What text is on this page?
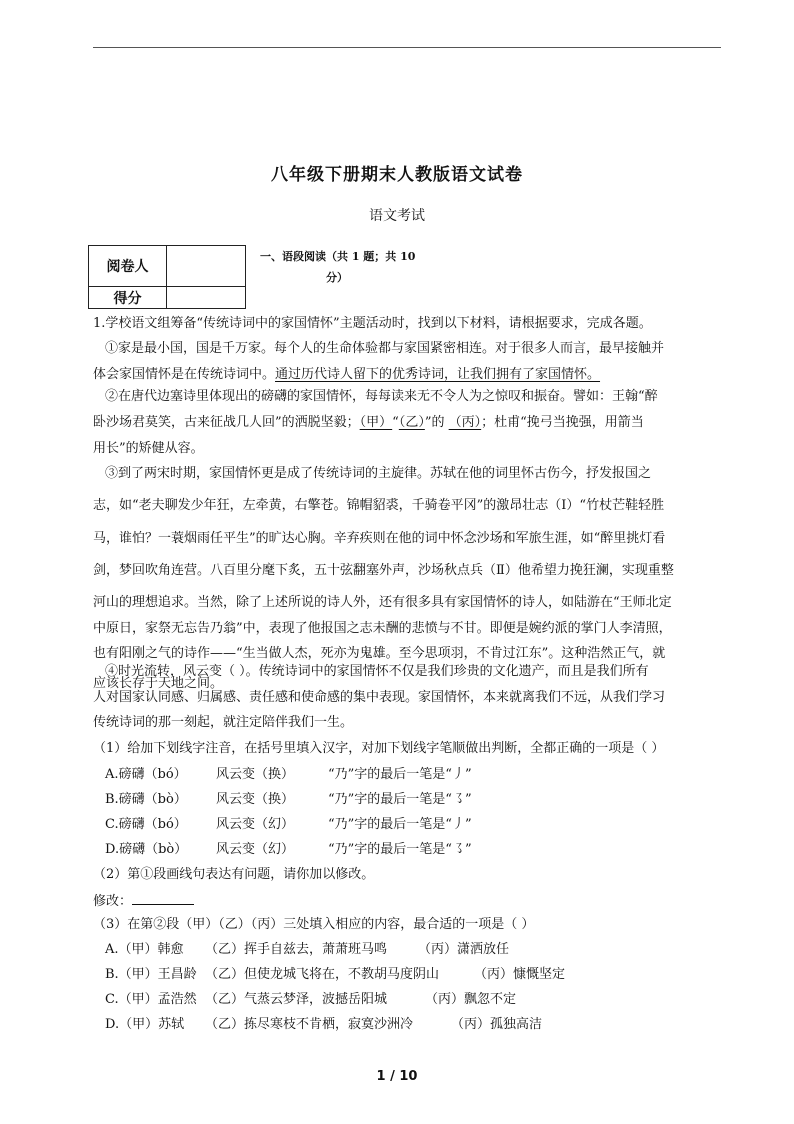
八年级下册期末人教版语文试卷
语文考试
阅卷人	
得分	
一、语段阅读（共 1 题；共 10
分）
1.学校语文组筹备“传统诗词中的家国情怀”主题活动时，找到以下材料，请根据要求，完成各题。
①家是最小国，国是千万家。每个人的生命体验都与家国紧密相连。对于很多人而言，最早接触并
体会家国情怀是在传统诗词中。通过历代诗人留下的优秀诗词，让我们拥有了家国情怀。
②在唐代边塞诗里体现出的磅礴的家国情怀，每每读来无不令人为之惊叹和振奋。譬如：王翰“醉
卧沙场君莫笑，古来征战几人回”的洒脱坚毅；（甲）“（乙）”的 （丙）；杜甫“挽弓当挽强，用箭当
用长”的矫健从容。
③到了两宋时期，家国情怀更是成了传统诗词的主旋律。苏轼在他的词里怀古伤今，抒发报国之
志，如“老夫聊发少年狂，左牵黄，右擎苍。锦帽貂裘，千骑卷平冈”的激昂壮志（Ⅰ）“竹杖芒鞋轻胜
马，谁怕？一蓑烟雨任平生”的旷达心胸。辛弃疾则在他的词中怀念沙场和军旅生涯，如“醉里挑灯看
剑，梦回吹角连营。八百里分麾下炙，五十弦翻塞外声，沙场秋点兵（Ⅱ）他希望力挽狂澜，实现重整
河山的理想追求。当然，除了上述所说的诗人外，还有很多具有家国情怀的诗人，如陆游在“王师北定
中原日，家祭无忘告乃翁”中，表现了他报国之志未酬的悲愤与不甘。即便是婉约派的掌门人李清照，
也有阳刚之气的诗作——“生当做人杰，死亦为鬼雄。至今思项羽，不肯过江东”。这种浩然正气，就
应该长存于天地之间。
④时光流转，风云变（ ）。传统诗词中的家国情怀不仅是我们珍贵的文化遗产，而且是我们所有
人对国家认同感、归属感、责任感和使命感的集中表现。家国情怀，本来就离我们不远，从我们学习
传统诗词的那一刻起，就注定陪伴我们一生。
（1）给加下划线字注音，在括号里填入汉字，对加下划线字笔顺做出判断，全都正确的一项是（ ）
A.磅礴（bó） 风云变（换）	“乃”字的最后一笔是“丿”
B.磅礴（bò） 风云变（换）	“乃”字的最后一笔是“㇌”
C.磅礴（bó） 风云变（幻）	“乃”字的最后一笔是“丿”
D.磅礴（bò） 风云变（幻）	“乃”字的最后一笔是“㇌”
（2）第①段画线句表达有问题，请你加以修改。
修改：
（3）在第②段（甲）（乙）（丙）三处填入相应的内容，最合适的一项是（ ）
A.（甲）韩愈 （乙）挥手自兹去，萧萧班马鸣 （丙）潇洒放任
B.（甲）王昌龄 （乙）但使龙城飞将在，不教胡马度阴山	（丙）慷慨坚定
C.（甲）孟浩然 （乙）气蒸云梦泽，波撼岳阳城	（丙）飘忽不定
D.（甲）苏轼 （乙）拣尽寒枝不肯栖，寂寞沙洲冷	（丙）孤独高洁
1 / 10
